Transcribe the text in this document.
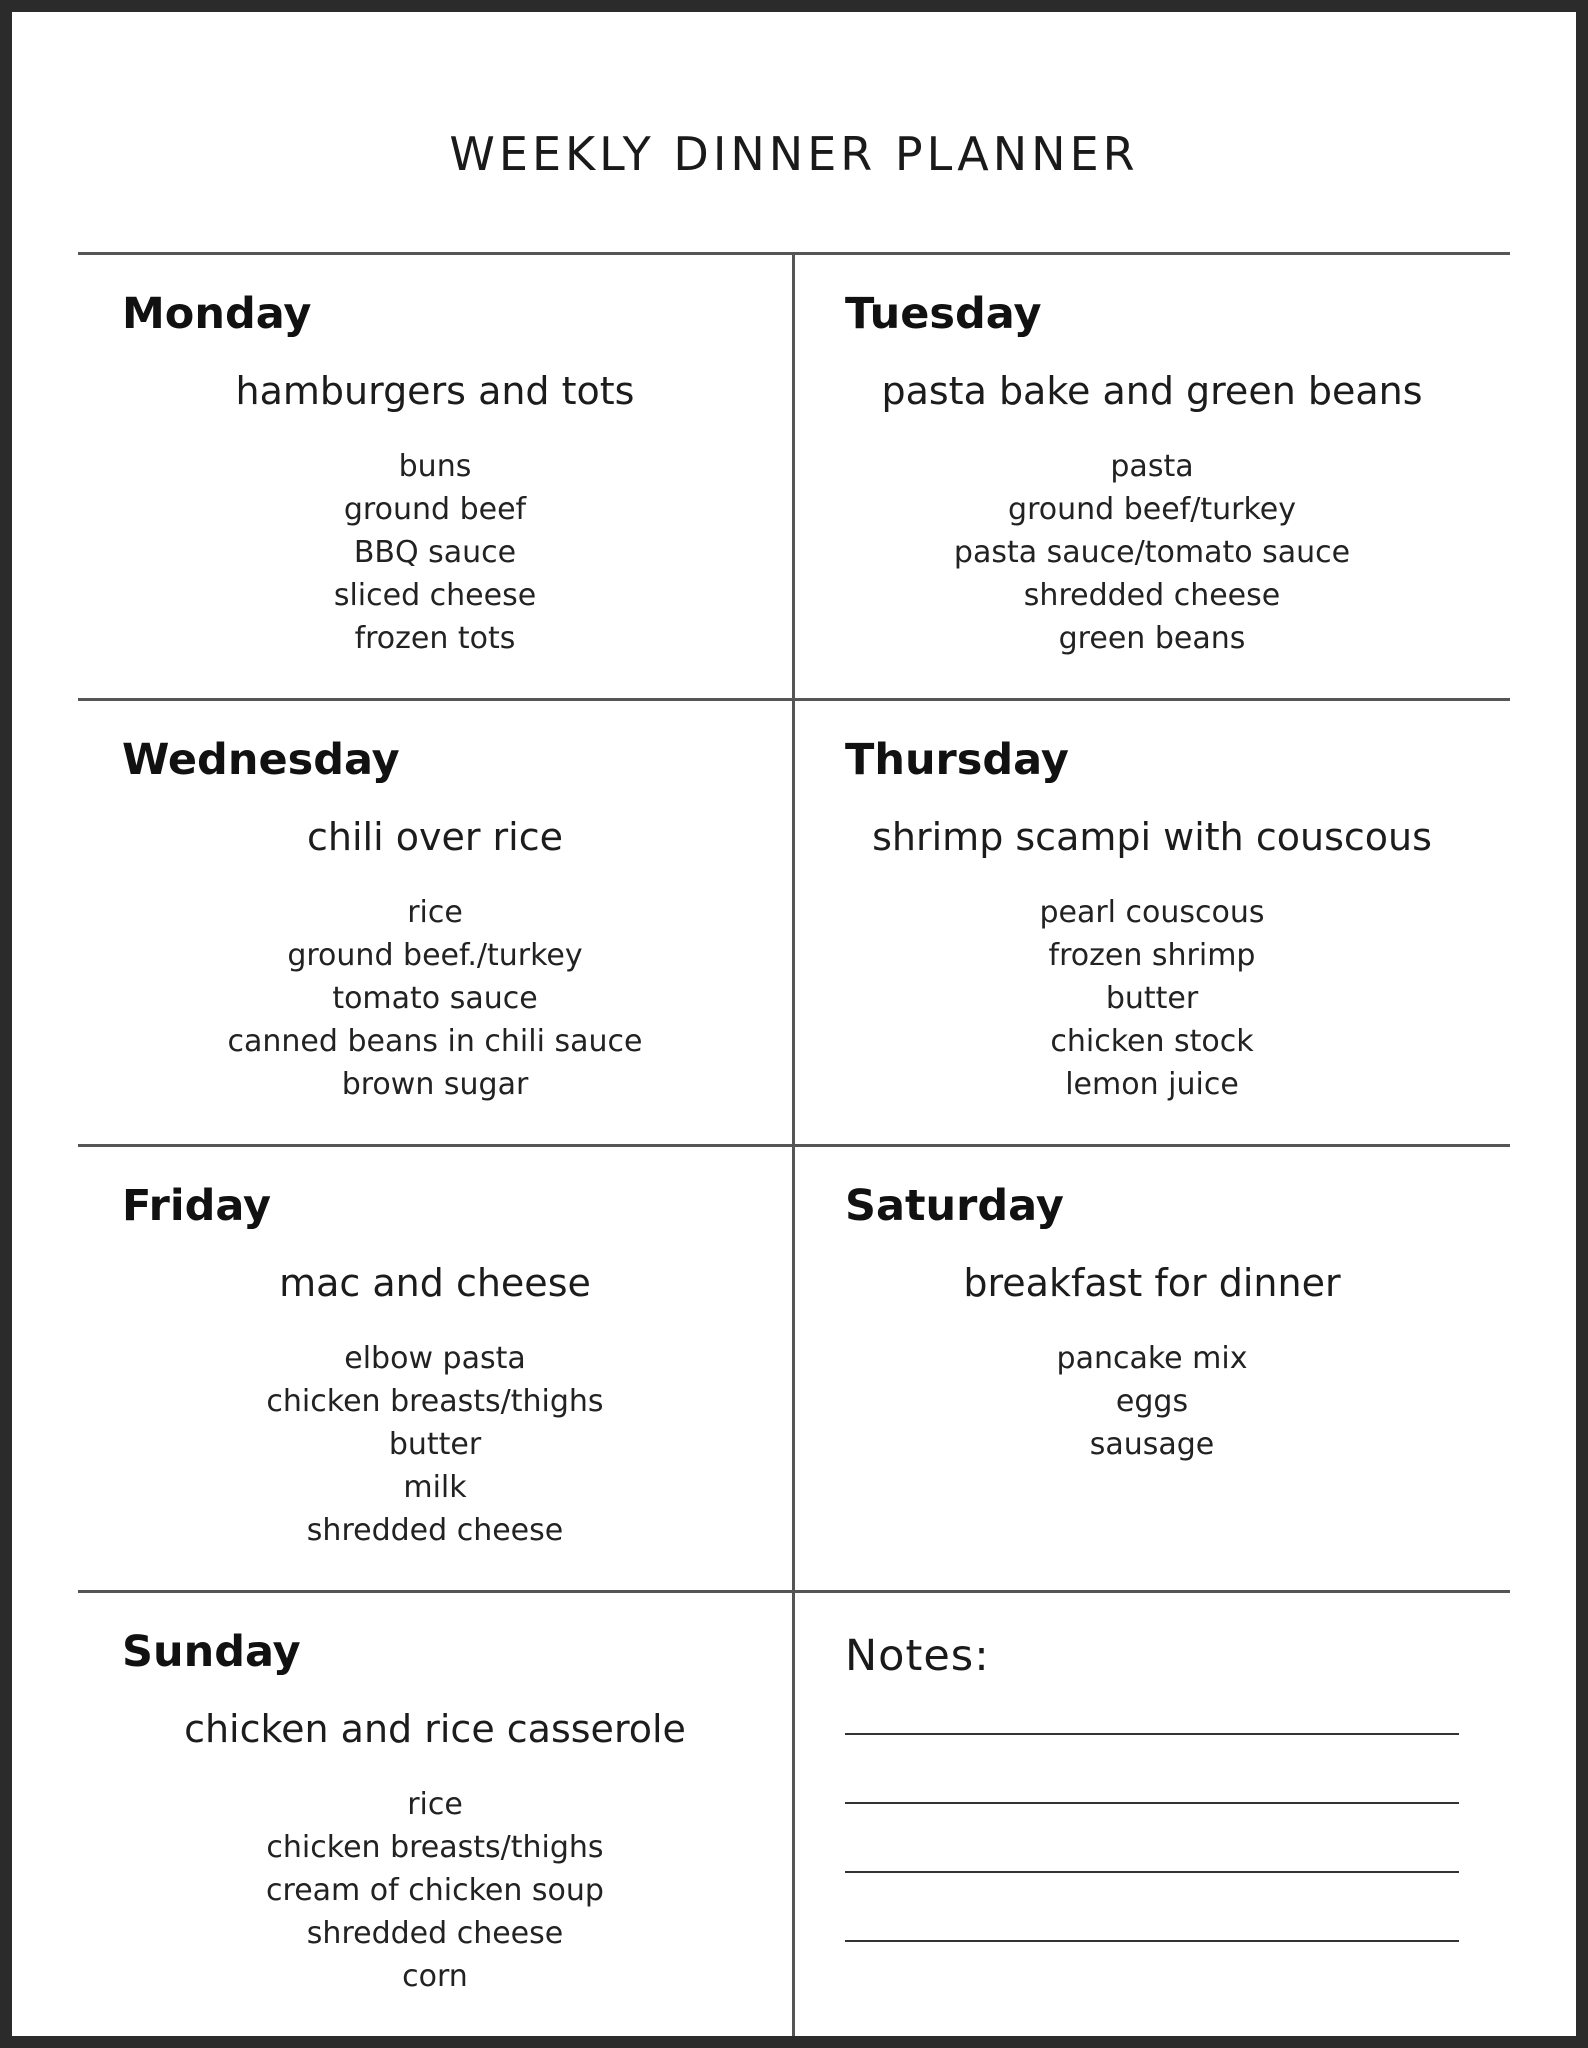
WEEKLY DINNER PLANNER
Monday
hamburgers and tots
buns
ground beef
BBQ sauce
sliced cheese
frozen tots
Tuesday
pasta bake and green beans
pasta
ground beef/turkey
pasta sauce/tomato sauce
shredded cheese
green beans
Wednesday
chili over rice
rice
ground beef./turkey
tomato sauce
canned beans in chili sauce
brown sugar
Thursday
shrimp scampi with couscous
pearl couscous
frozen shrimp
butter
chicken stock
lemon juice
Friday
mac and cheese
elbow pasta
chicken breasts/thighs
butter
milk
shredded cheese
Saturday
breakfast for dinner
pancake mix
eggs
sausage
Sunday
chicken and rice casserole
rice
chicken breasts/thighs
cream of chicken soup
shredded cheese
corn
Notes:
